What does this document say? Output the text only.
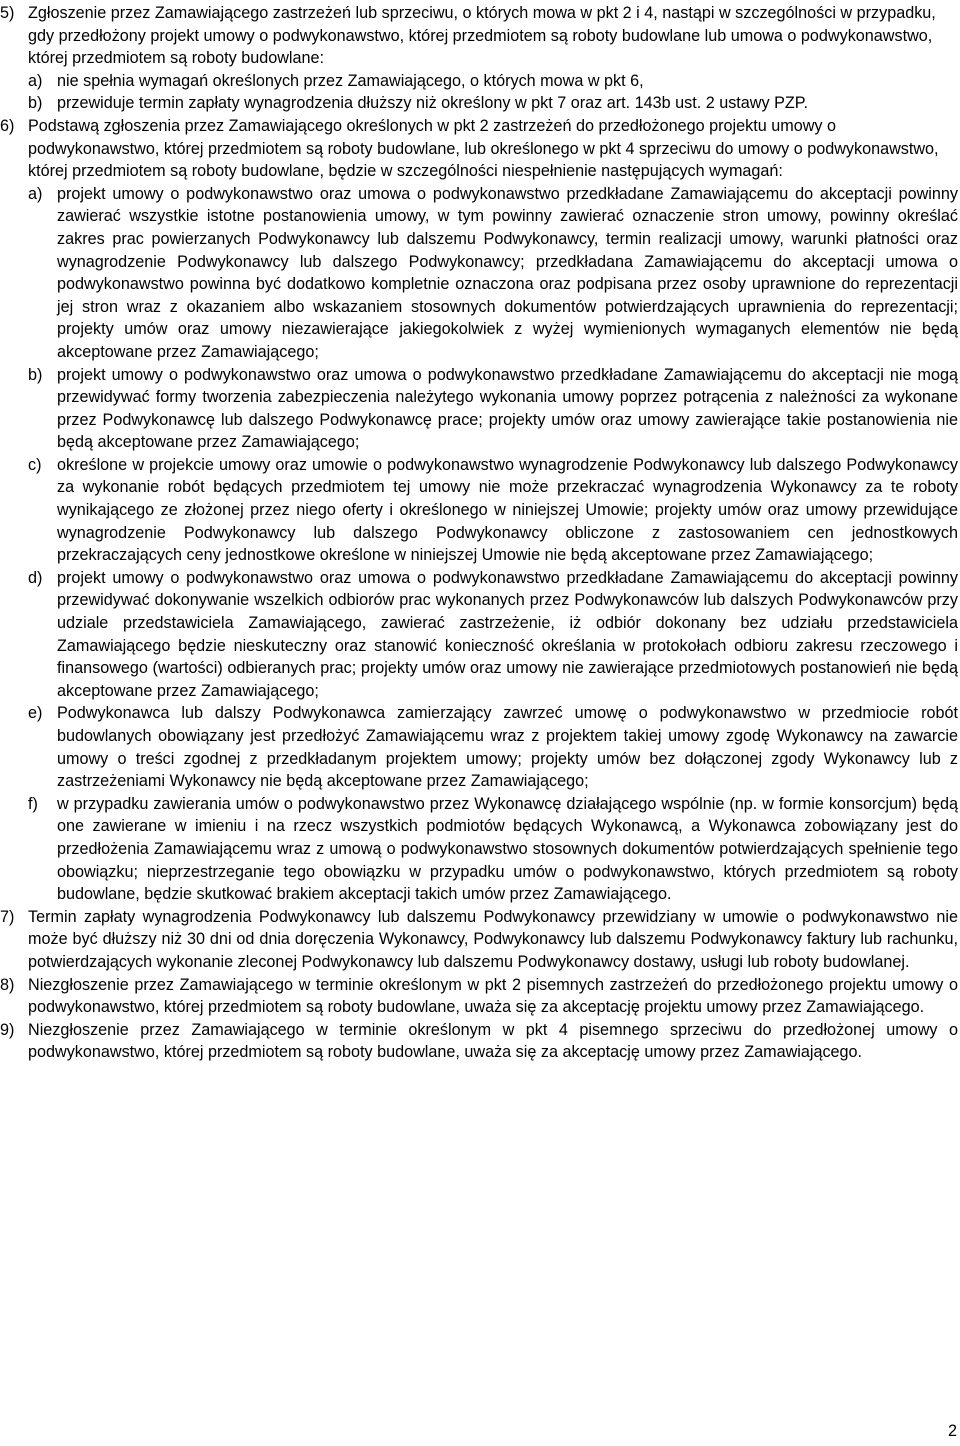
5) Zgłoszenie przez Zamawiającego zastrzeżeń lub sprzeciwu, o których mowa w pkt 2 i 4, nastąpi w szczególności w przypadku, gdy przedłożony projekt umowy o podwykonawstwo, której przedmiotem są roboty budowlane lub umowa o podwykonawstwo, której przedmiotem są roboty budowlane:
a) nie spełnia wymagań określonych przez Zamawiającego, o których mowa w pkt 6,
b) przewiduje termin zapłaty wynagrodzenia dłuższy niż określony w pkt 7 oraz art. 143b ust. 2 ustawy PZP.
6) Podstawą zgłoszenia przez Zamawiającego określonych w pkt 2 zastrzeżeń do przedłożonego projektu umowy o podwykonawstwo, której przedmiotem są roboty budowlane, lub określonego w pkt 4 sprzeciwu do umowy o podwykonawstwo, której przedmiotem są roboty budowlane, będzie w szczególności niespełnienie następujących wymagań:
a) projekt umowy o podwykonawstwo oraz umowa o podwykonawstwo przedkładane Zamawiającemu do akceptacji powinny zawierać wszystkie istotne postanowienia umowy, w tym powinny zawierać oznaczenie stron umowy, powinny określać zakres prac powierzanych Podwykonawcy lub dalszemu Podwykonawcy, termin realizacji umowy, warunki płatności oraz wynagrodzenie Podwykonawcy lub dalszego Podwykonawcy; przedkładana Zamawiającemu do akceptacji umowa o podwykonawstwo powinna być dodatkowo kompletnie oznaczona oraz podpisana przez osoby uprawnione do reprezentacji jej stron wraz z okazaniem albo wskazaniem stosownych dokumentów potwierdzających uprawnienia do reprezentacji; projekty umów oraz umowy niezawierające jakiegokolwiek z wyżej wymienionych wymaganych elementów nie będą akceptowane przez Zamawiającego;
b) projekt umowy o podwykonawstwo oraz umowa o podwykonawstwo przedkładane Zamawiającemu do akceptacji nie mogą przewidywać formy tworzenia zabezpieczenia należytego wykonania umowy poprzez potrącenia z należności za wykonane przez Podwykonawcę lub dalszego Podwykonawcę prace; projekty umów oraz umowy zawierające takie postanowienia nie będą akceptowane przez Zamawiającego;
c) określone w projekcie umowy oraz umowie o podwykonawstwo wynagrodzenie Podwykonawcy lub dalszego Podwykonawcy za wykonanie robót będących przedmiotem tej umowy nie może przekraczać wynagrodzenia Wykonawcy za te roboty wynikającego ze złożonej przez niego oferty i określonego w niniejszej Umowie; projekty umów oraz umowy przewidujące wynagrodzenie Podwykonawcy lub dalszego Podwykonawcy obliczone z zastosowaniem cen jednostkowych przekraczających ceny jednostkowe określone w niniejszej Umowie nie będą akceptowane przez Zamawiającego;
d) projekt umowy o podwykonawstwo oraz umowa o podwykonawstwo przedkładane Zamawiającemu do akceptacji powinny przewidywać dokonywanie wszelkich odbiorów prac wykonanych przez Podwykonawców lub dalszych Podwykonawców przy udziale przedstawiciela Zamawiającego, zawierać zastrzeżenie, iż odbiór dokonany bez udziału przedstawiciela Zamawiającego będzie nieskuteczny oraz stanowić konieczność określania w protokołach odbioru zakresu rzeczowego i finansowego (wartości) odbieranych prac; projekty umów oraz umowy nie zawierające przedmiotowych postanowień nie będą akceptowane przez Zamawiającego;
e) Podwykonawca lub dalszy Podwykonawca zamierzający zawrzeć umowę o podwykonawstwo w przedmiocie robót budowlanych obowiązany jest przedłożyć Zamawiającemu wraz z projektem takiej umowy zgodę Wykonawcy na zawarcie umowy o treści zgodnej z przedkładanym projektem umowy; projekty umów bez dołączonej zgody Wykonawcy lub z zastrzeżeniami Wykonawcy nie będą akceptowane przez Zamawiającego;
f)	w przypadku zawierania umów o podwykonawstwo przez Wykonawcę działającego wspólnie (np. w formie konsorcjum) będą one zawierane w imieniu i na rzecz wszystkich podmiotów będących Wykonawcą, a Wykonawca zobowiązany jest do przedłożenia Zamawiającemu wraz z umową o podwykonawstwo stosownych dokumentów potwierdzających spełnienie tego obowiązku; nieprzestrzeganie tego obowiązku w przypadku umów o podwykonawstwo, których przedmiotem są roboty budowlane, będzie skutkować brakiem akceptacji takich umów przez Zamawiającego.
7) Termin zapłaty wynagrodzenia Podwykonawcy lub dalszemu Podwykonawcy przewidziany w umowie o podwykonawstwo nie może być dłuższy niż 30 dni od dnia doręczenia Wykonawcy, Podwykonawcy lub dalszemu Podwykonawcy faktury lub rachunku, potwierdzających wykonanie zleconej Podwykonawcy lub dalszemu Podwykonawcy dostawy, usługi lub roboty budowlanej.
8) Niezgłoszenie przez Zamawiającego w terminie określonym w pkt 2 pisemnych zastrzeżeń do przedłożonego projektu umowy o podwykonawstwo, której przedmiotem są roboty budowlane, uważa się za akceptację projektu umowy przez Zamawiającego.
9) Niezgłoszenie przez Zamawiającego w terminie określonym w pkt 4 pisemnego sprzeciwu do przedłożonej umowy o podwykonawstwo, której przedmiotem są roboty budowlane, uważa się za akceptację umowy przez Zamawiającego.
2
